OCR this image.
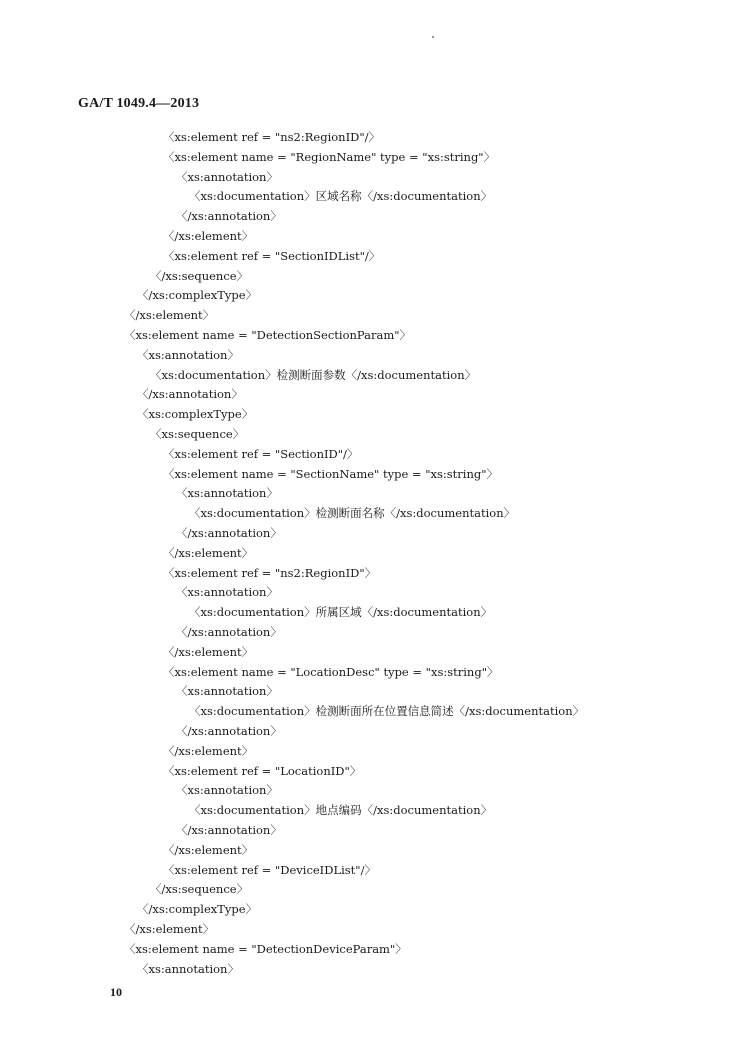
GA/T 1049.4—2013
〈xs:element ref = "ns2:RegionID"/〉
〈xs:element name = "RegionName" type = "xs:string"〉
〈xs:annotation〉
〈xs:documentation〉区域名称〈/xs:documentation〉
〈/xs:annotation〉
〈/xs:element〉
〈xs:element ref = "SectionIDList"/〉
〈/xs:sequence〉
〈/xs:complexType〉
〈/xs:element〉
〈xs:element name = "DetectionSectionParam"〉
〈xs:annotation〉
〈xs:documentation〉检测断面参数〈/xs:documentation〉
〈/xs:annotation〉
〈xs:complexType〉
〈xs:sequence〉
〈xs:element ref = "SectionID"/〉
〈xs:element name = "SectionName" type = "xs:string"〉
〈xs:annotation〉
〈xs:documentation〉检测断面名称〈/xs:documentation〉
〈/xs:annotation〉
〈/xs:element〉
〈xs:element ref = "ns2:RegionID"〉
〈xs:annotation〉
〈xs:documentation〉所属区域〈/xs:documentation〉
〈/xs:annotation〉
〈/xs:element〉
〈xs:element name = "LocationDesc" type = "xs:string"〉
〈xs:annotation〉
〈xs:documentation〉检测断面所在位置信息简述〈/xs:documentation〉
〈/xs:annotation〉
〈/xs:element〉
〈xs:element ref = "LocationID"〉
〈xs:annotation〉
〈xs:documentation〉地点编码〈/xs:documentation〉
〈/xs:annotation〉
〈/xs:element〉
〈xs:element ref = "DeviceIDList"/〉
〈/xs:sequence〉
〈/xs:complexType〉
〈/xs:element〉
〈xs:element name = "DetectionDeviceParam"〉
〈xs:annotation〉
10
